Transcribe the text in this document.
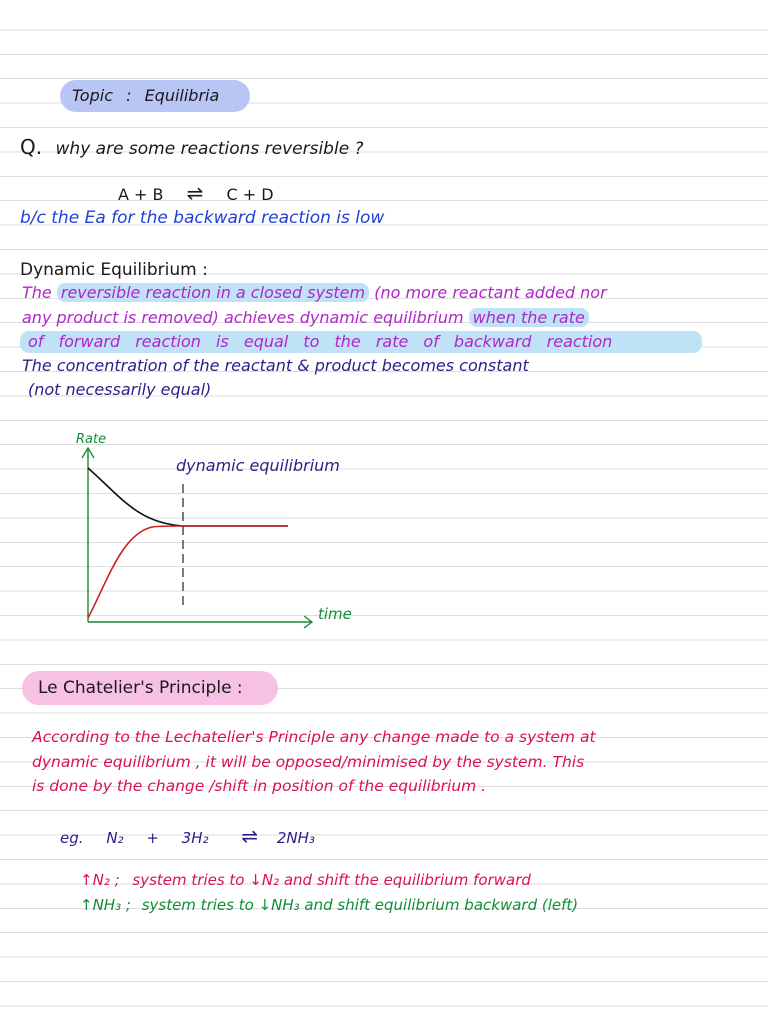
Topic : Equilibria
Q. why are some reactions reversible ?
A + B ⇌ C + D
b/c the Ea for the backward reaction is low
Dynamic Equilibrium :
The reversible reaction in a closed system (no more reactant added nor
any product is removed) achieves dynamic equilibrium when the rate
of forward reaction is equal to the rate of backward reaction
The concentration of the reactant & product becomes constant
(not necessarily equal)
Rate
dynamic equilibrium
time
Le Chatelier's Principle :
According to the Lechatelier's Principle any change made to a system at
dynamic equilibrium , it will be opposed/minimised by the system. This
is done by the change /shift in position of the equilibrium .
eg. N₂ + 3H₂ ⇌ 2NH₃
↑N₂ ; system tries to ↓N₂ and shift the equilibrium forward
↑NH₃ ; system tries to ↓NH₃ and shift equilibrium backward (left)
